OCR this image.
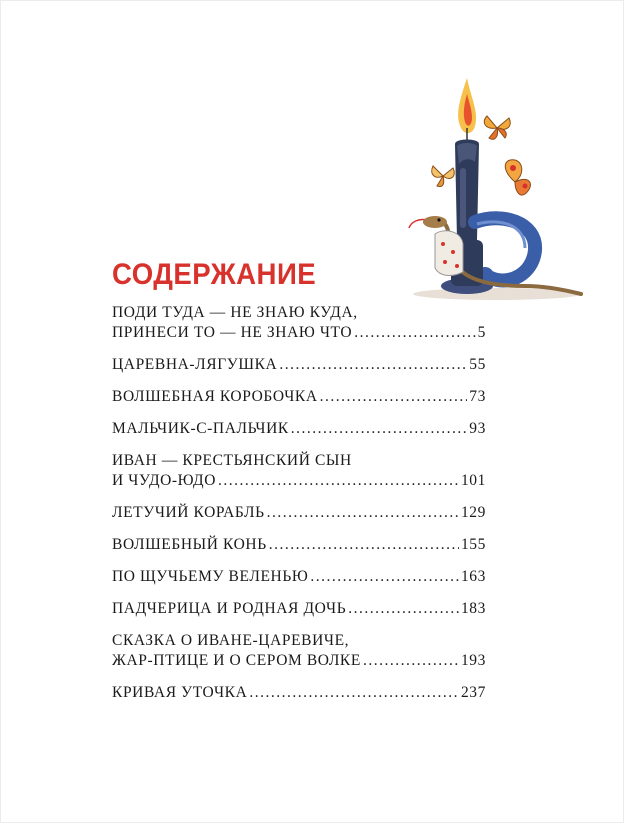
СОДЕРЖАНИЕ
ПОДИ ТУДА — НЕ ЗНАЮ КУДА,
ПРИНЕСИ ТО — НЕ ЗНАЮ ЧТО .....	5
ЦАРЕВНА-ЛЯГУШКА .....	55
ВОЛШЕБНАЯ КОРОБОЧКА .....	73
МАЛЬЧИК-С-ПАЛЬЧИК .....	93
ИВАН — КРЕСТЬЯНСКИЙ СЫН
И ЧУДО-ЮДО .....	101
ЛЕТУЧИЙ КОРАБЛЬ .....	129
ВОЛШЕБНЫЙ КОНЬ .....	155
ПО ЩУЧЬЕМУ ВЕЛЕНЬЮ .....	163
ПАДЧЕРИЦА И РОДНАЯ ДОЧЬ .....	183
СКАЗКА О ИВАНЕ-ЦАРЕВИЧЕ,
ЖАР-ПТИЦЕ И О СЕРОМ ВОЛКЕ .....	193
КРИВАЯ УТОЧКА .....	237
